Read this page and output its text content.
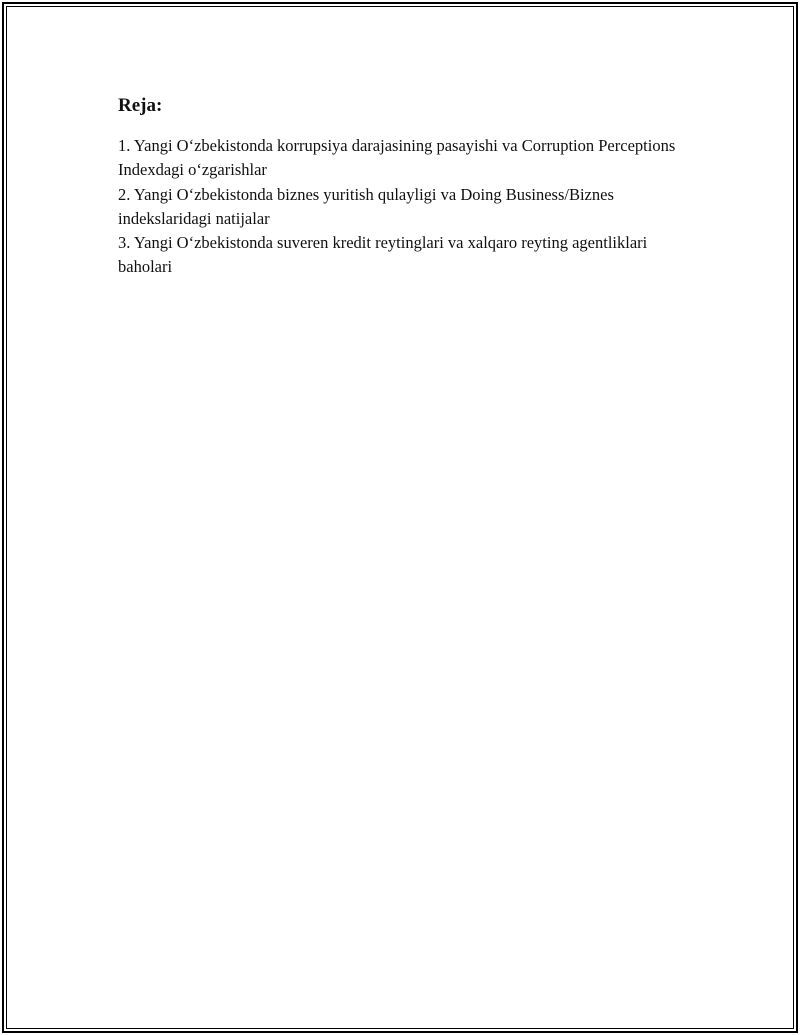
Reja:
1. Yangi O‘zbekistonda korrupsiya darajasining pasayishi va Corruption Perceptions Indexdagi o‘zgarishlar
2. Yangi O‘zbekistonda biznes yuritish qulayligi va Doing Business/Biznes indekslaridagi natijalar
3. Yangi O‘zbekistonda suveren kredit reytinglari va xalqaro reyting agentliklari baholari
